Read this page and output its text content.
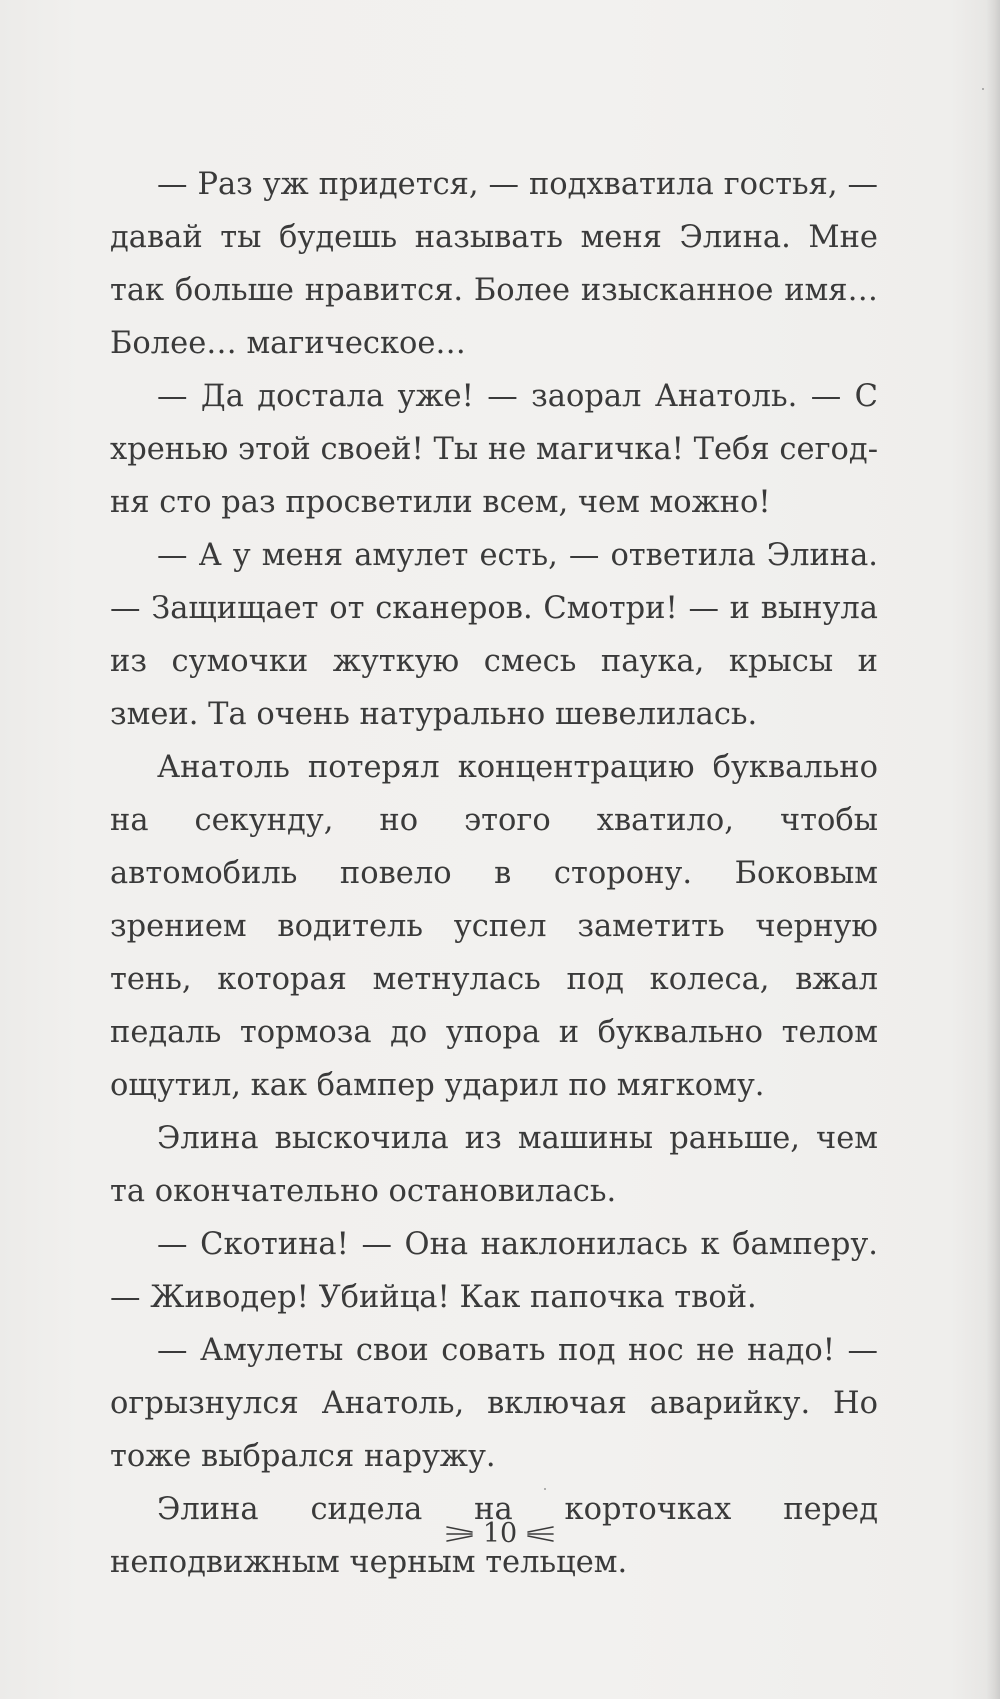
— Раз уж придется, — подхватила гостья, — давай ты будешь называть меня Элина. Мне так больше нравится. Более изысканное имя… Более… магическое…

— Да достала уже! — заорал Анатоль. — С хренью этой своей! Ты не магичка! Тебя сегодня сто раз просветили всем, чем можно!

— А у меня амулет есть, — ответила Элина. — Защищает от сканеров. Смотри! — и вынула из сумочки жуткую смесь паука, крысы и змеи. Та очень натурально шевелилась.

Анатоль потерял концентрацию буквально на секунду, но этого хватило, чтобы автомобиль повело в сторону. Боковым зрением водитель успел заметить черную тень, которая метнулась под колеса, вжал педаль тормоза до упора и буквально телом ощутил, как бампер ударил по мягкому.

Элина выскочила из машины раньше, чем та окончательно остановилась.

— Скотина! — Она наклонилась к бамперу. — Живодер! Убийца! Как папочка твой.

— Амулеты свои совать под нос не надо! — огрызнулся Анатоль, включая аварийку. Но тоже выбрался наружу.

Элина сидела на корточках перед неподвижным черным тельцем.

10
